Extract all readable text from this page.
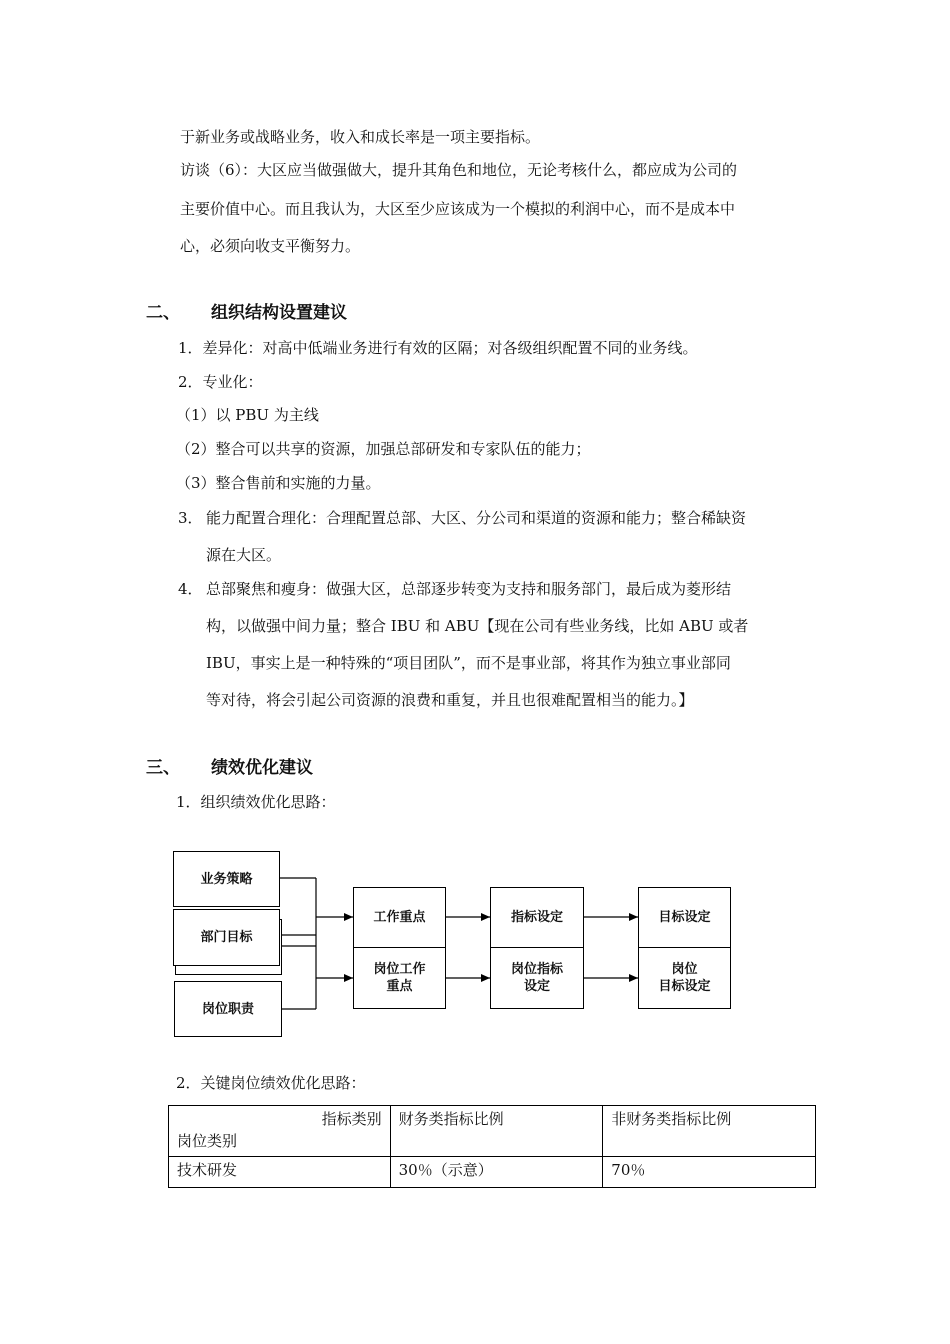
于新业务或战略业务，收入和成长率是一项主要指标。
访谈（6）：大区应当做强做大，提升其角色和地位，无论考核什么，都应成为公司的
主要价值中心。而且我认为，大区至少应该成为一个模拟的利润中心，而不是成本中
心，必须向收支平衡努力。
二、 组织结构设置建议
1．差异化：对高中低端业务进行有效的区隔；对各级组织配置不同的业务线。
2．专业化：
（1）以 PBU 为主线
（2）整合可以共享的资源，加强总部研发和专家队伍的能力；
（3）整合售前和实施的力量。
3． 能力配置合理化：合理配置总部、大区、分公司和渠道的资源和能力；整合稀缺资
源在大区。
4． 总部聚焦和瘦身：做强大区，总部逐步转变为支持和服务部门，最后成为菱形结
构，以做强中间力量；整合 IBU 和 ABU【现在公司有些业务线，比如 ABU 或者
IBU，事实上是一种特殊的“项目团队”，而不是事业部，将其作为独立事业部同
等对待，将会引起公司资源的浪费和重复，并且也很难配置相当的能力。】
三、 绩效优化建议
1．组织绩效优化思路：
业务策略
部门目标
岗位职责
工作重点
岗位工作
重点
指标设定
岗位指标
设定
目标设定
岗位
目标设定
2．关键岗位绩效优化思路：
指标类别
岗位类别	财务类指标比例	非财务类指标比例
技术研发	30％（示意）	70％
